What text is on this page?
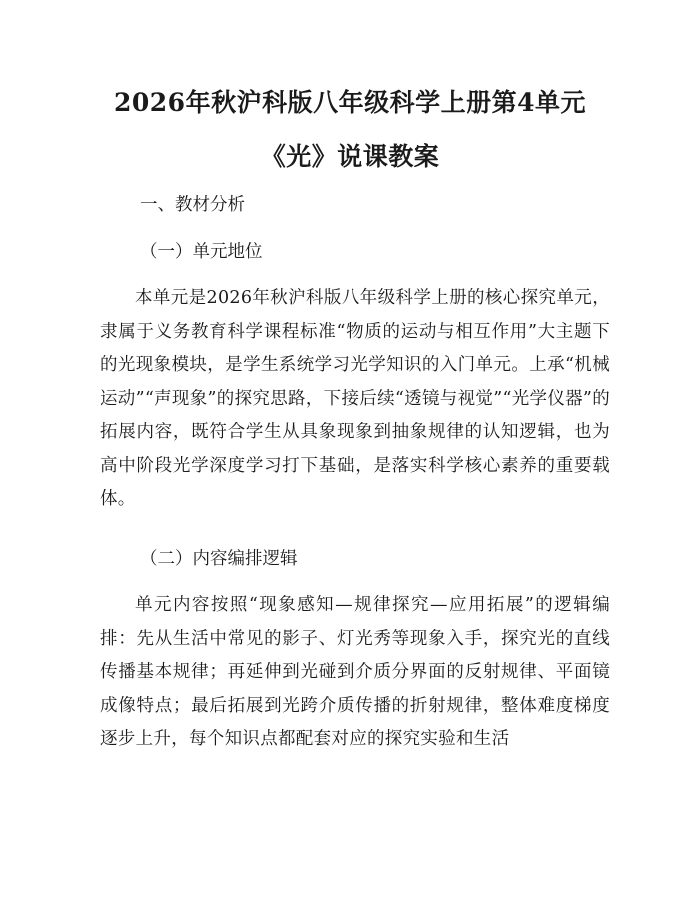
2026年秋沪科版八年级科学上册第4单元
《光》说课教案
一、教材分析
（一）单元地位
本单元是2026年秋沪科版八年级科学上册的核心探究单元，隶属于义务教育科学课程标准“物质的运动与相互作用”大主题下的光现象模块，是学生系统学习光学知识的入门单元。上承“机械运动”“声现象”的探究思路，下接后续“透镜与视觉”“光学仪器”的拓展内容，既符合学生从具象现象到抽象规律的认知逻辑，也为高中阶段光学深度学习打下基础，是落实科学核心素养的重要载体。
（二）内容编排逻辑
单元内容按照“现象感知—规律探究—应用拓展”的逻辑编排：先从生活中常见的影子、灯光秀等现象入手，探究光的直线传播基本规律；再延伸到光碰到介质分界面的反射规律、平面镜成像特点；最后拓展到光跨介质传播的折射规律，整体难度梯度逐步上升，每个知识点都配套对应的探究实验和生活
